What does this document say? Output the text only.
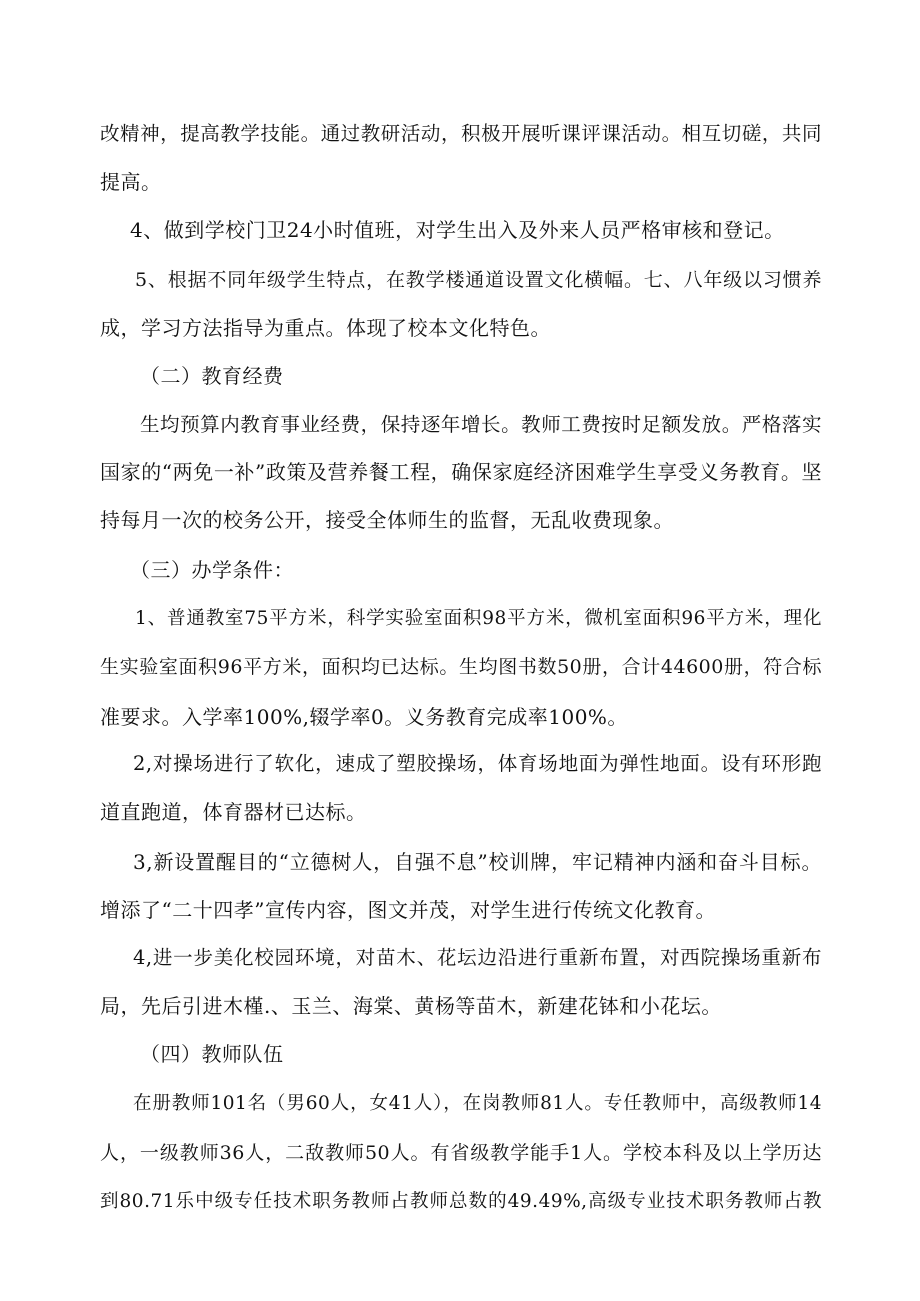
改精神，提高教学技能。通过教研活动，积极开展听课评课活动。相互切磋，共同
提高。
4、做到学校门卫24小时值班，对学生出入及外来人员严格审核和登记。
5、根据不同年级学生特点，在教学楼通道设置文化横幅。七、八年级以习惯养
成，学习方法指导为重点。体现了校本文化特色。
（二）教育经费
生均预算内教育事业经费，保持逐年增长。教师工费按时足额发放。严格落实
国家的“两免一补”政策及营养餐工程，确保家庭经济困难学生享受义务教育。坚
持每月一次的校务公开，接受全体师生的监督，无乱收费现象。
（三）办学条件：
1、普通教室75平方米，科学实验室面积98平方米，微机室面积96平方米，理化
生实验室面积96平方米，面积均已达标。生均图书数50册，合计44600册，符合标
准要求。入学率100%,辍学率0。义务教育完成率100%。
2,对操场进行了软化，速成了塑胶操场，体育场地面为弹性地面。设有环形跑
道直跑道，体育器材已达标。
3,新设置醒目的“立德树人，自强不息”校训牌，牢记精神内涵和奋斗目标。
增添了“二十四孝”宣传内容，图文并茂，对学生进行传统文化教育。
4,进一步美化校园环境，对苗木、花坛边沿进行重新布置，对西院操场重新布
局，先后引进木槿.、玉兰、海棠、黄杨等苗木，新建花钵和小花坛。
（四）教师队伍
在册教师101名（男60人，女41人），在岗教师81人。专任教师中，高级教师14
人，一级教师36人，二敌教师50人。有省级教学能手1人。学校本科及以上学历达
到80.71乐中级专任技术职务教师占教师总数的49.49%,高级专业技术职务教师占教
